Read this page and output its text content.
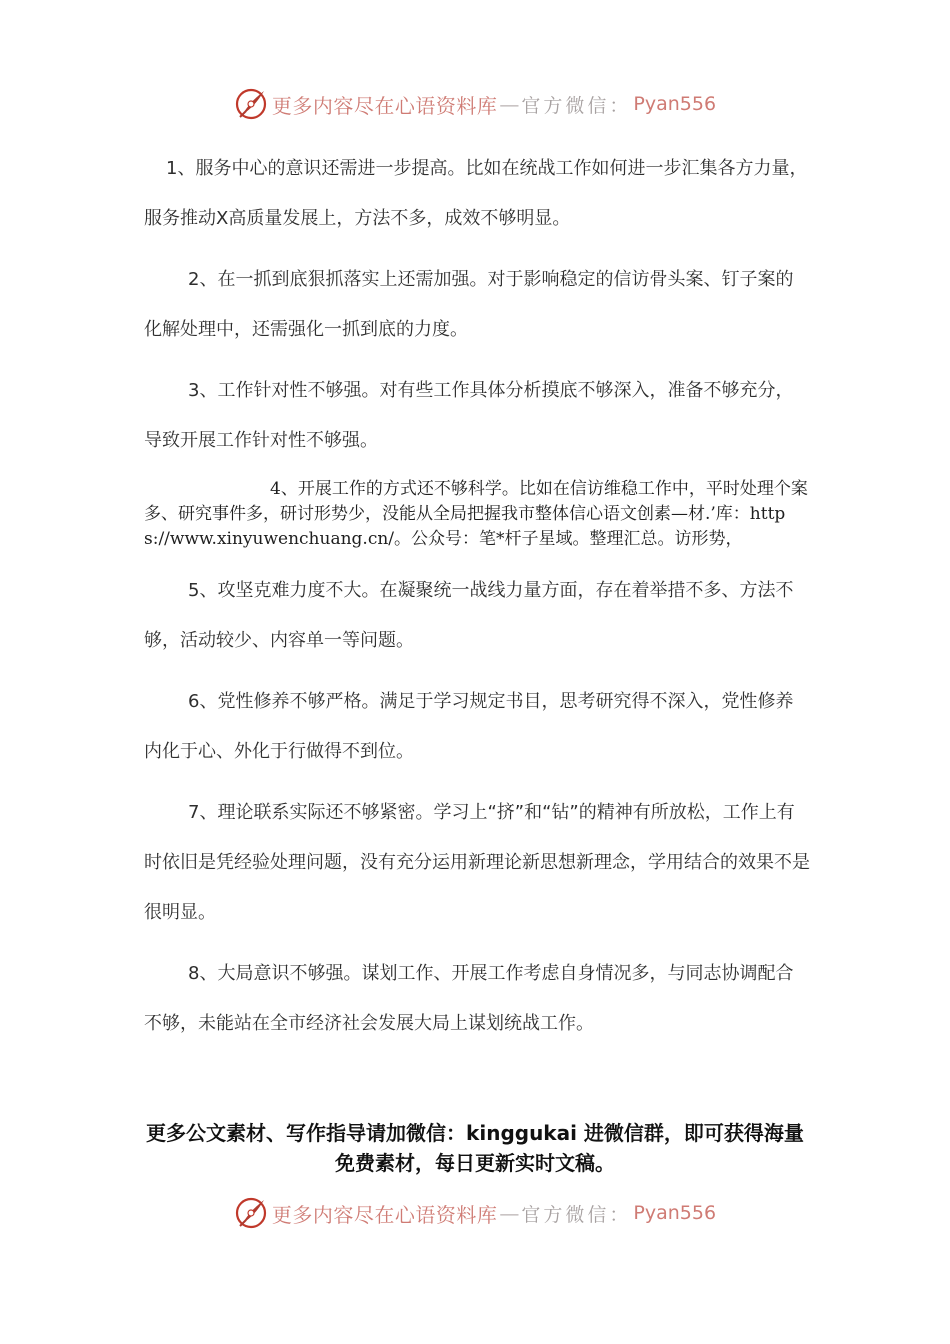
更多内容尽在心语资料库 — 官方微信： Pyan556

1、服务中心的意识还需进一步提高。比如在统战工作如何进一步汇集各方力量，服务推动X高质量发展上，方法不多，成效不够明显。

2、在一抓到底狠抓落实上还需加强。对于影响稳定的信访骨头案、钉子案的化解处理中，还需强化一抓到底的力度。

3、工作针对性不够强。对有些工作具体分析摸底不够深入，准备不够充分，导致开展工作针对性不够强。

4、开展工作的方式还不够科学。比如在信访维稳工作中，平时处理个案多、研究事件多，研讨形势少，没能从全局把握我市整体信心语文创素—材.’库：https://www.xinyuwenchuang.cn/。公众号：笔*杆子星域。整理汇总。访形势，

5、攻坚克难力度不大。在凝聚统一战线力量方面，存在着举措不多、方法不够，活动较少、内容单一等问题。

6、党性修养不够严格。满足于学习规定书目，思考研究得不深入，党性修养内化于心、外化于行做得不到位。

7、理论联系实际还不够紧密。学习上“挤”和“钻”的精神有所放松，工作上有时依旧是凭经验处理问题，没有充分运用新理论新思想新理念，学用结合的效果不是很明显。

8、大局意识不够强。谋划工作、开展工作考虑自身情况多，与同志协调配合不够，未能站在全市经济社会发展大局上谋划统战工作。

更多公文素材、写作指导请加微信：kinggukai 进微信群，即可获得海量免费素材，每日更新实时文稿。
更多内容尽在心语资料库 — 官方微信： Pyan556
